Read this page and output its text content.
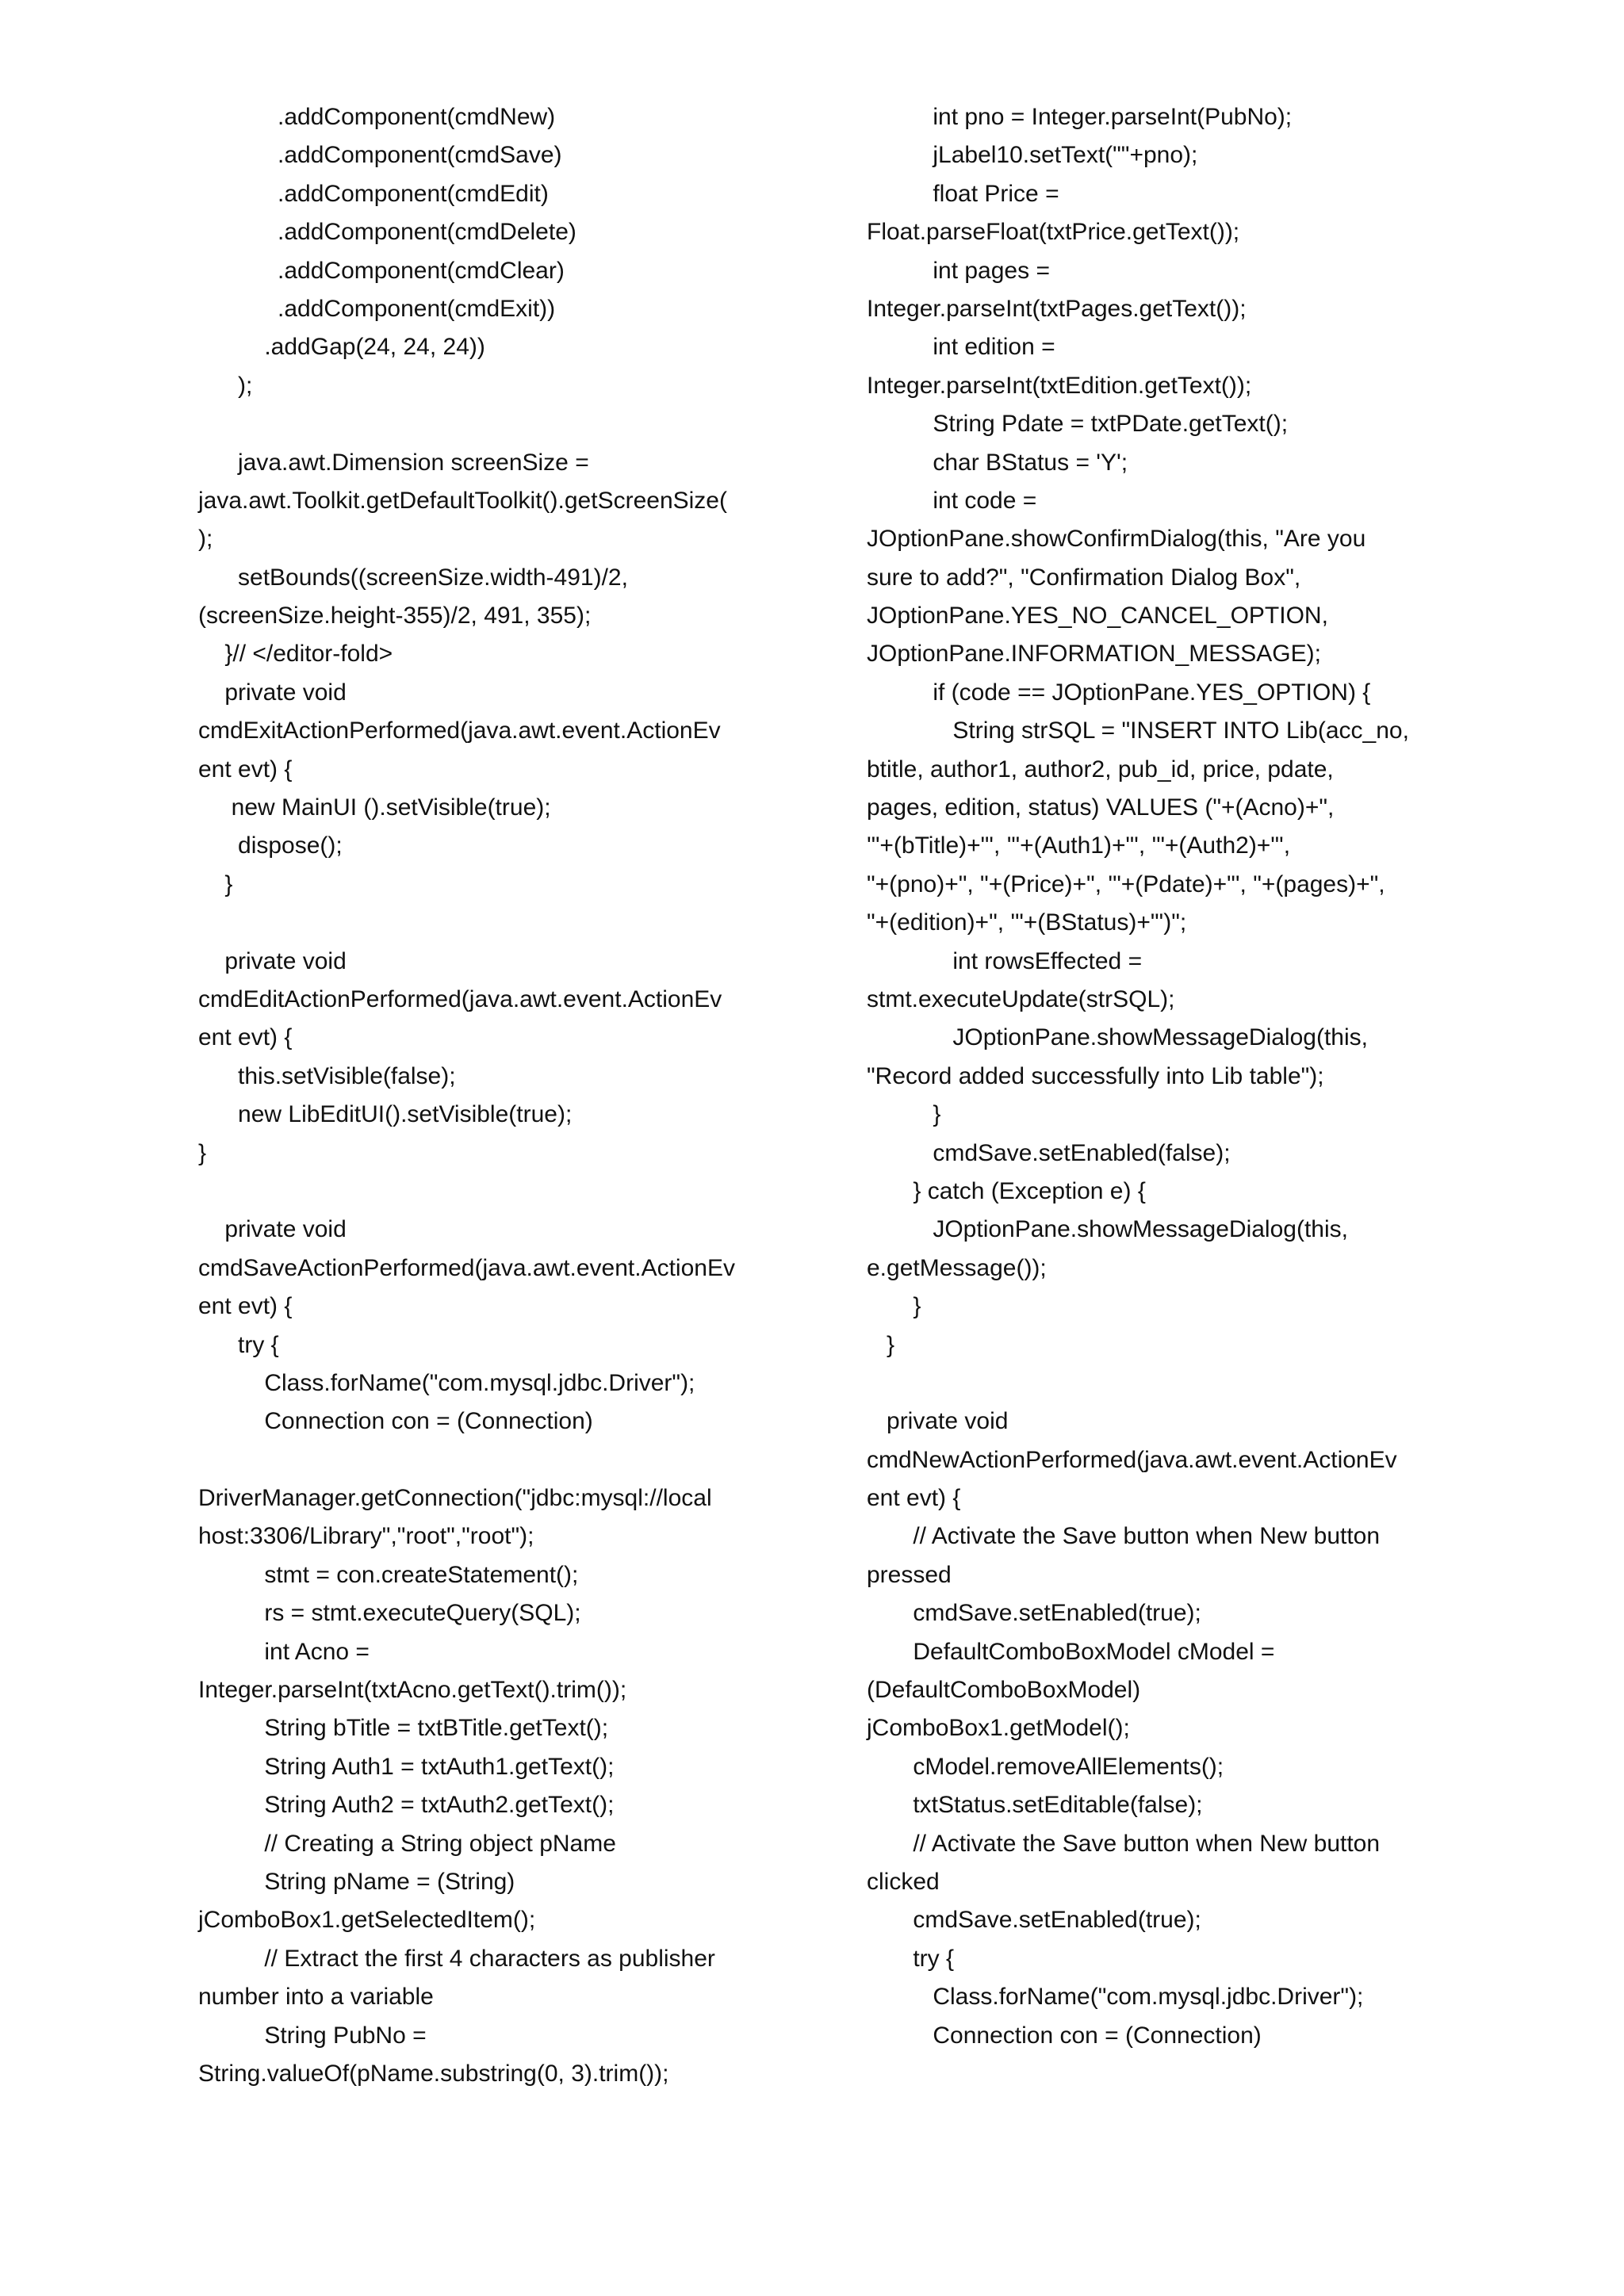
.addComponent(cmdNew)
.addComponent(cmdSave)
.addComponent(cmdEdit)
.addComponent(cmdDelete)
.addComponent(cmdClear)
.addComponent(cmdExit))
.addGap(24, 24, 24))
);
java.awt.Dimension screenSize =
java.awt.Toolkit.getDefaultToolkit().getScreenSize(
);
setBounds((screenSize.width-491)/2,
(screenSize.height-355)/2, 491, 355);
}// </editor-fold>
private void
cmdExitActionPerformed(java.awt.event.ActionEv
ent evt) {
new MainUI ().setVisible(true);
dispose();
}
private void
cmdEditActionPerformed(java.awt.event.ActionEv
ent evt) {
this.setVisible(false);
new LibEditUI().setVisible(true);
}
private void
cmdSaveActionPerformed(java.awt.event.ActionEv
ent evt) {
try {
Class.forName("com.mysql.jdbc.Driver");
Connection con = (Connection)
DriverManager.getConnection("jdbc:mysql://local
host:3306/Library","root","root");
stmt = con.createStatement();
rs = stmt.executeQuery(SQL);
int Acno =
Integer.parseInt(txtAcno.getText().trim());
String bTitle = txtBTitle.getText();
String Auth1 = txtAuth1.getText();
String Auth2 = txtAuth2.getText();
// Creating a String object pName
String pName = (String)
jComboBox1.getSelectedItem();
// Extract the first 4 characters as publisher
number into a variable
String PubNo =
String.valueOf(pName.substring(0, 3).trim());
int pno = Integer.parseInt(PubNo);
jLabel10.setText(""+pno);
float Price =
Float.parseFloat(txtPrice.getText());
int pages =
Integer.parseInt(txtPages.getText());
int edition =
Integer.parseInt(txtEdition.getText());
String Pdate = txtPDate.getText();
char BStatus = 'Y';
int code =
JOptionPane.showConfirmDialog(this, "Are you
sure to add?", "Confirmation Dialog Box",
JOptionPane.YES_NO_CANCEL_OPTION,
JOptionPane.INFORMATION_MESSAGE);
if (code == JOptionPane.YES_OPTION) {
String strSQL = "INSERT INTO Lib(acc_no,
btitle, author1, author2, pub_id, price, pdate,
pages, edition, status) VALUES ("+(Acno)+",
'"+(bTitle)+"', '"+(Auth1)+"', '"+(Auth2)+"',
"+(pno)+", "+(Price)+", '"+(Pdate)+"', "+(pages)+",
"+(edition)+", '"+(BStatus)+"')";
int rowsEffected =
stmt.executeUpdate(strSQL);
JOptionPane.showMessageDialog(this,
"Record added successfully into Lib table");
}
cmdSave.setEnabled(false);
} catch (Exception e) {
JOptionPane.showMessageDialog(this,
e.getMessage());
}
}
private void
cmdNewActionPerformed(java.awt.event.ActionEv
ent evt) {
// Activate the Save button when New button
pressed
cmdSave.setEnabled(true);
DefaultComboBoxModel cModel =
(DefaultComboBoxModel)
jComboBox1.getModel();
cModel.removeAllElements();
txtStatus.setEditable(false);
// Activate the Save button when New button
clicked
cmdSave.setEnabled(true);
try {
Class.forName("com.mysql.jdbc.Driver");
Connection con = (Connection)
